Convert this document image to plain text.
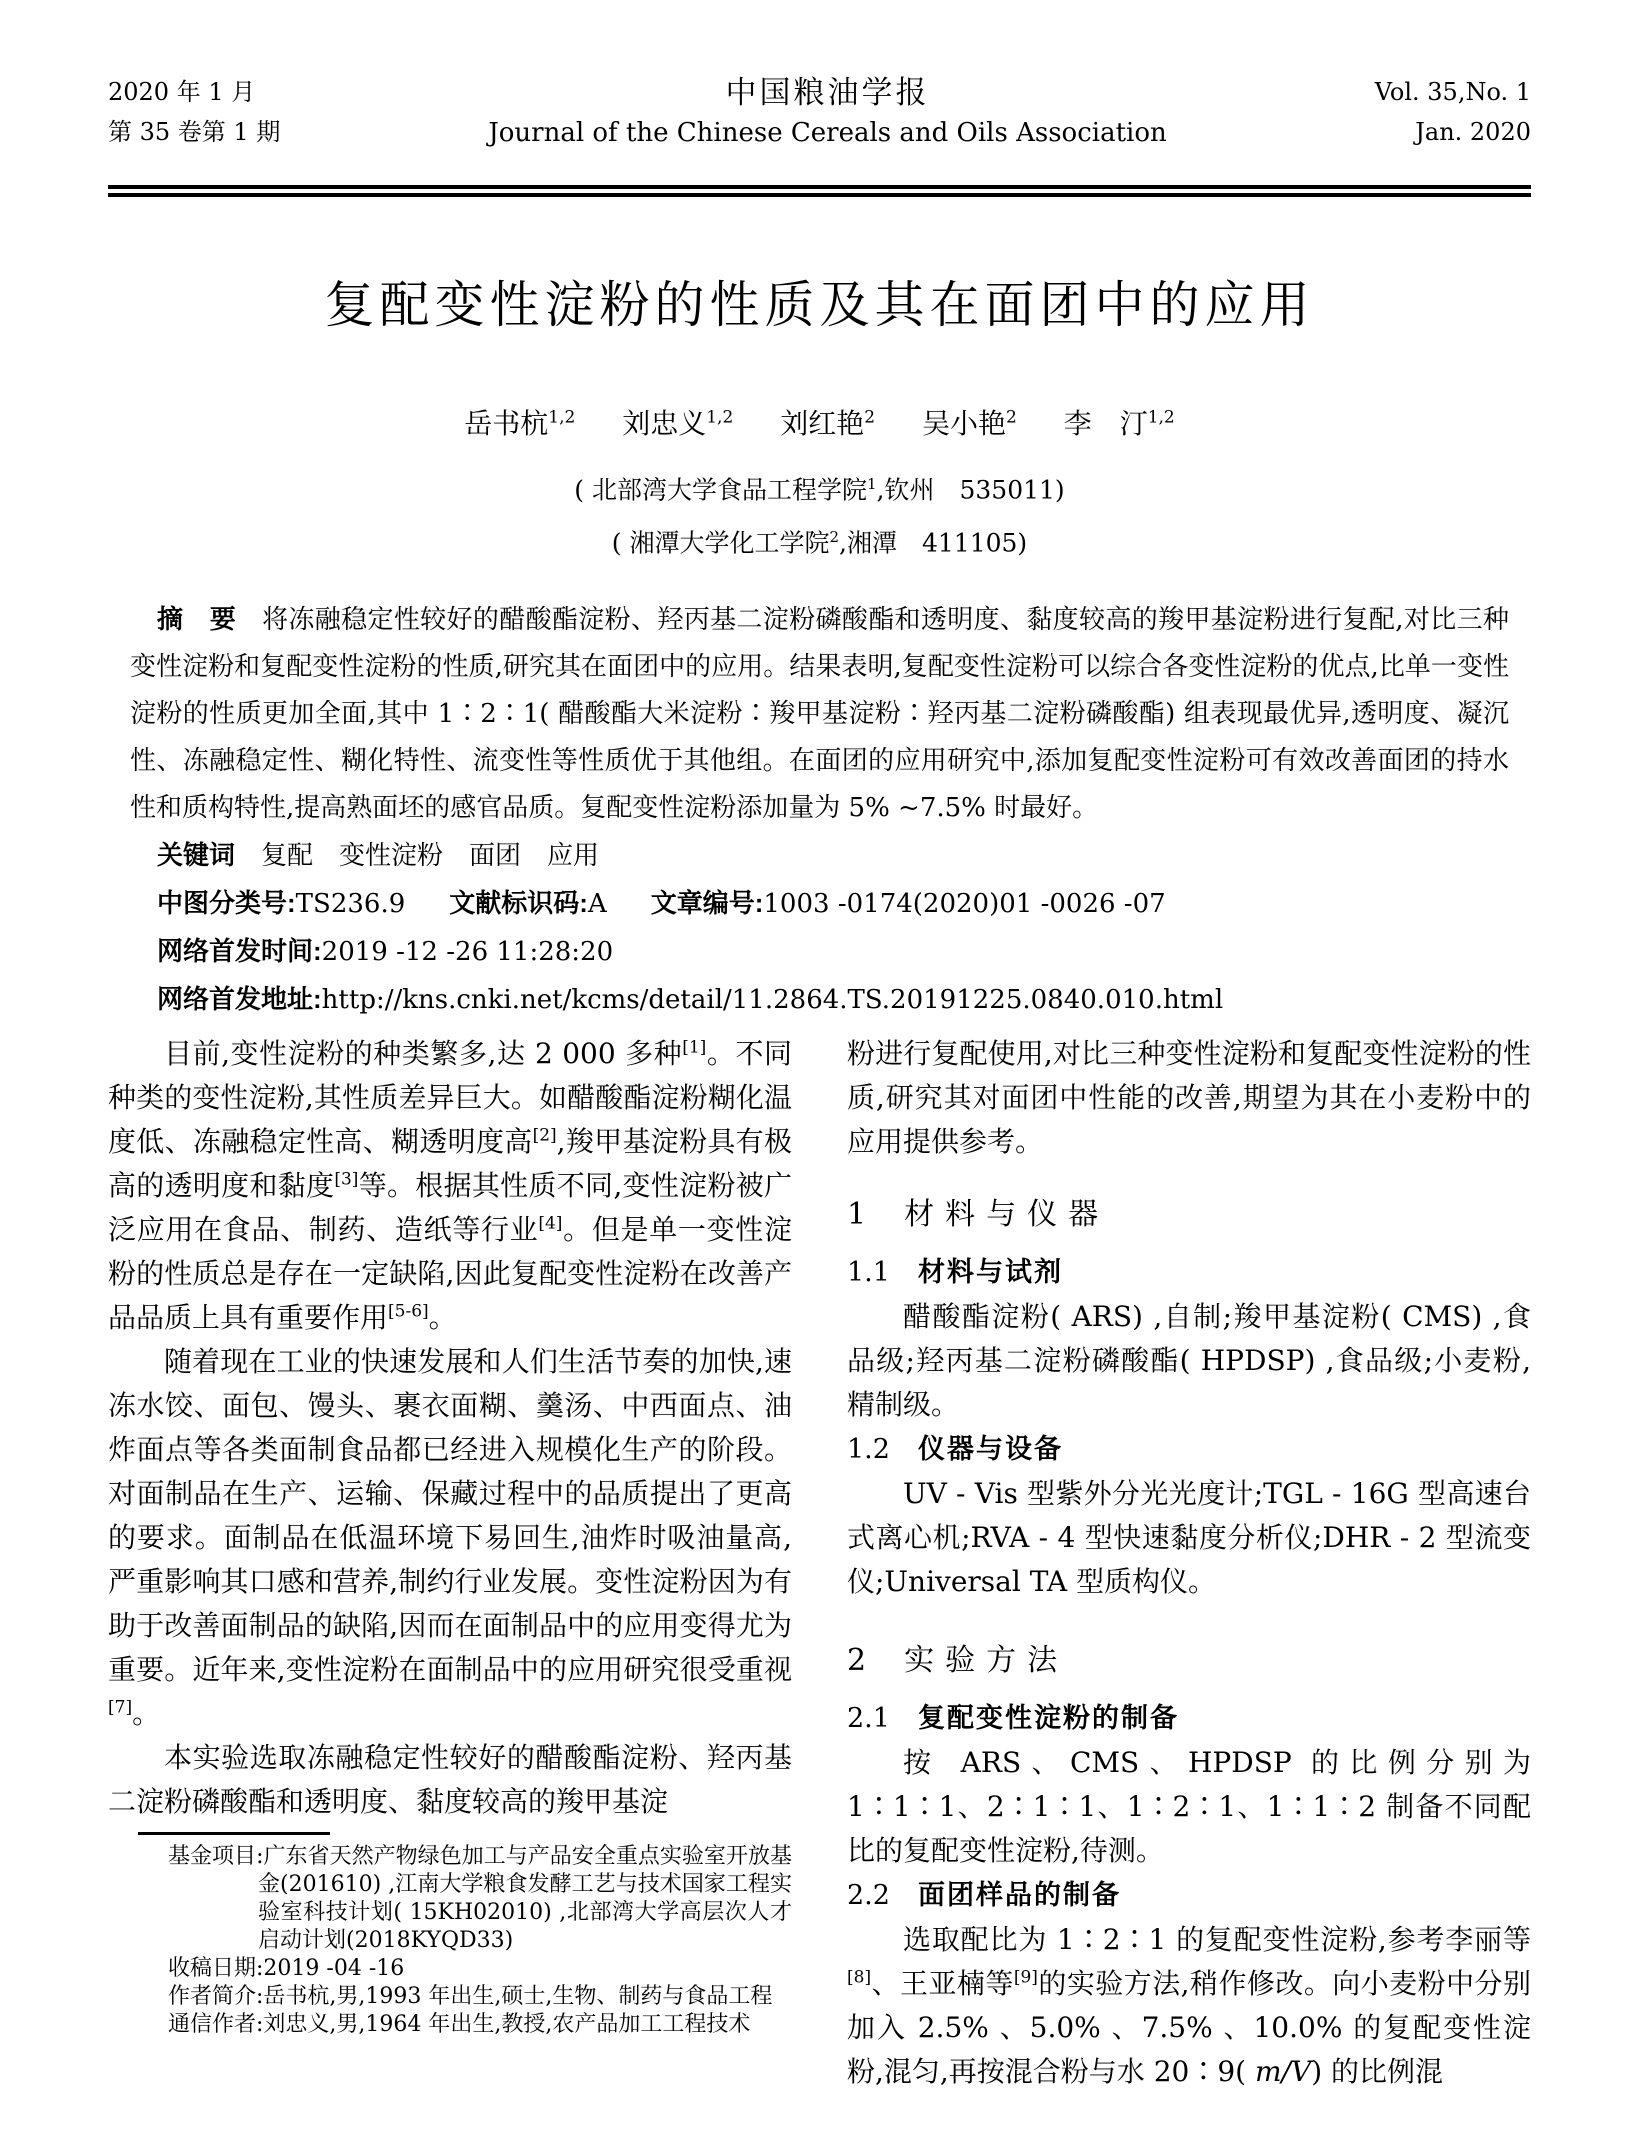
2020 年 1 月
第 35 卷第 1 期
中国粮油学报
Journal of the Chinese Cereals and Oils Association
Vol. 35,No. 1
Jan. 2020
复配变性淀粉的性质及其在面团中的应用
岳书杭$^{1,2}$ 刘忠义$^{1,2}$ 刘红艳$^2$ 吴小艳$^2$ 李　汀$^{1,2}$
( 北部湾大学食品工程学院$^1$,钦州　535011)
( 湘潭大学化工学院$^2$,湘潭　411105)

摘　要 将冻融稳定性较好的醋酸酯淀粉、羟丙基二淀粉磷酸酯和透明度、黏度较高的羧甲基淀粉进行复配,对比三种变性淀粉和复配变性淀粉的性质,研究其在面团中的应用。结果表明,复配变性淀粉可以综合各变性淀粉的优点,比单一变性淀粉的性质更加全面,其中 1∶2∶1( 醋酸酯大米淀粉∶羧甲基淀粉∶羟丙基二淀粉磷酸酯) 组表现最优异,透明度、凝沉性、冻融稳定性、糊化特性、流变性等性质优于其他组。在面团的应用研究中,添加复配变性淀粉可有效改善面团的持水性和质构特性,提高熟面坯的感官品质。复配变性淀粉添加量为 5% ~7.5% 时最好。

关键词 复配　变性淀粉　面团　应用

中图分类号:TS236.9 文献标识码:A 文章编号:1003 -0174(2020)01 -0026 -07

网络首发时间:2019 -12 -26 11:28:20

网络首发地址:http://kns.cnki.net/kcms/detail/11.2864.TS.20191225.0840.010.html

目前,变性淀粉的种类繁多,达 2 000 多种[1]。不同种类的变性淀粉,其性质差异巨大。如醋酸酯淀粉糊化温度低、冻融稳定性高、糊透明度高[2],羧甲基淀粉具有极高的透明度和黏度[3]等。根据其性质不同,变性淀粉被广泛应用在食品、制药、造纸等行业[4]。但是单一变性淀粉的性质总是存在一定缺陷,因此复配变性淀粉在改善产品品质上具有重要作用[5-6]。

随着现在工业的快速发展和人们生活节奏的加快,速冻水饺、面包、馒头、裹衣面糊、羹汤、中西面点、油炸面点等各类面制食品都已经进入规模化生产的阶段。对面制品在生产、运输、保藏过程中的品质提出了更高的要求。面制品在低温环境下易回生,油炸时吸油量高,严重影响其口感和营养,制约行业发展。变性淀粉因为有助于改善面制品的缺陷,因而在面制品中的应用变得尤为重要。近年来,变性淀粉在面制品中的应用研究很受重视[7]。

本实验选取冻融稳定性较好的醋酸酯淀粉、羟丙基二淀粉磷酸酯和透明度、黏度较高的羧甲基淀

基金项目:广东省天然产物绿色加工与产品安全重点实验室开放基金(201610) ,江南大学粮食发酵工艺与技术国家工程实验室科技计划( 15KH02010) ,北部湾大学高层次人才启动计划(2018KYQD33)

收稿日期:2019 -04 -16

作者简介:岳书杭,男,1993 年出生,硕士,生物、制药与食品工程

通信作者:刘忠义,男,1964 年出生,教授,农产品加工工程技术

粉进行复配使用,对比三种变性淀粉和复配变性淀粉的性质,研究其对面团中性能的改善,期望为其在小麦粉中的应用提供参考。

1 材料与仪器
1.1 材料与试剂

醋酸酯淀粉( ARS) ,自制;羧甲基淀粉( CMS) ,食品级;羟丙基二淀粉磷酸酯( HPDSP) ,食品级;小麦粉,精制级。

1.2 仪器与设备

UV - Vis 型紫外分光光度计;TGL - 16G 型高速台式离心机;RVA - 4 型快速黏度分析仪;DHR - 2 型流变仪;Universal TA 型质构仪。

2 实验方法
2.1 复配变性淀粉的制备

按 ARS、CMS、HPDSP 的比例分别为 1∶1∶1、2∶1∶1、1∶2∶1、1∶1∶2 制备不同配比的复配变性淀粉,待测。

2.2 面团样品的制备

选取配比为 1∶2∶1 的复配变性淀粉,参考李丽等[8]、王亚楠等[9]的实验方法,稍作修改。向小麦粉中分别加入 2.5% 、5.0% 、7.5% 、10.0% 的复配变性淀粉,混匀,再按混合粉与水 20∶9( m/V) 的比例混
